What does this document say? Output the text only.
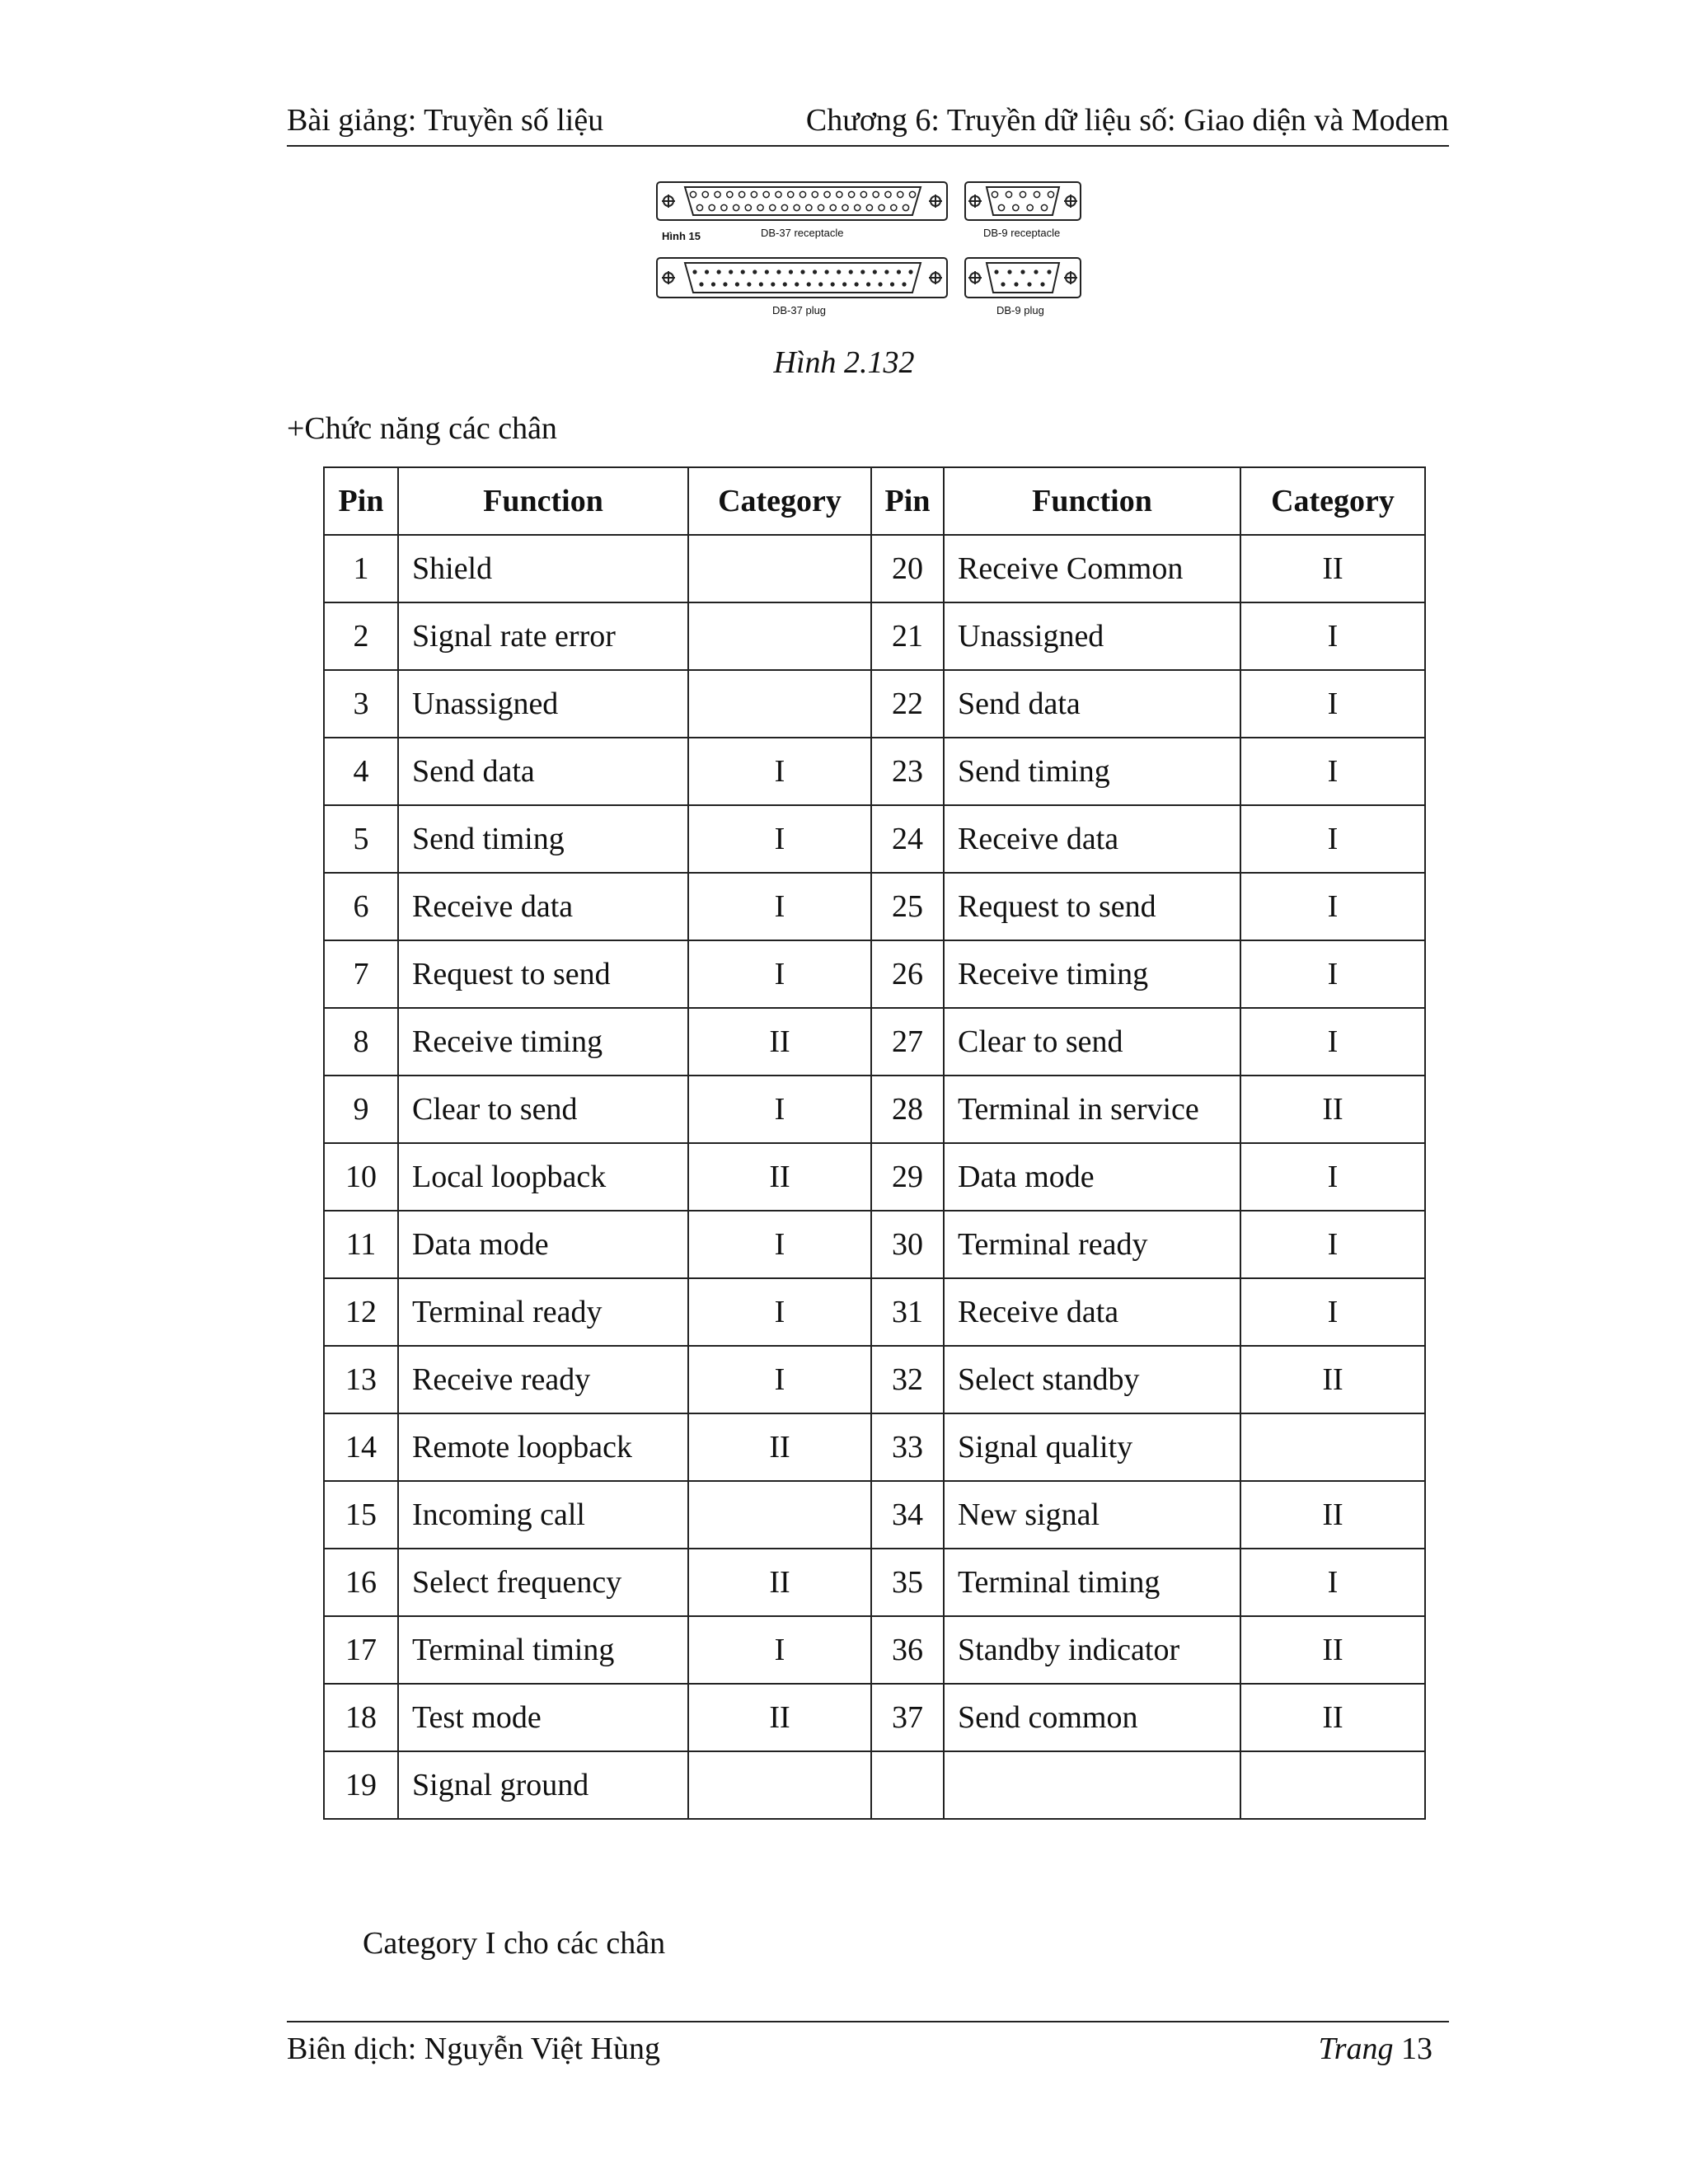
Bài giảng: Truyền số liệu	Chương 6: Truyền dữ liệu số: Giao diện và Modem
Hình 15	DB-37 receptacle	DB-9 receptacle
DB-37 plug	DB-9 plug
Hình 2.132
+Chức năng các chân
Pin	Function	Category	Pin	Function	Category
1	Shield		20	Receive Common	II
2	Signal rate error		21	Unassigned	I
3	Unassigned		22	Send data	I
4	Send data	I	23	Send timing	I
5	Send timing	I	24	Receive data	I
6	Receive data	I	25	Request to send	I
7	Request to send	I	26	Receive timing	I
8	Receive timing	II	27	Clear to send	I
9	Clear to send	I	28	Terminal in service	II
10	Local loopback	II	29	Data mode	I
11	Data mode	I	30	Terminal ready	I
12	Terminal ready	I	31	Receive data	I
13	Receive ready	I	32	Select standby	II
14	Remote loopback	II	33	Signal quality	
15	Incoming call		34	New signal	II
16	Select frequency	II	35	Terminal timing	I
17	Terminal timing	I	36	Standby indicator	II
18	Test mode	II	37	Send common	II
19	Signal ground				
Category I cho các chân
Biên dịch: Nguyễn Việt Hùng	Trang 13
